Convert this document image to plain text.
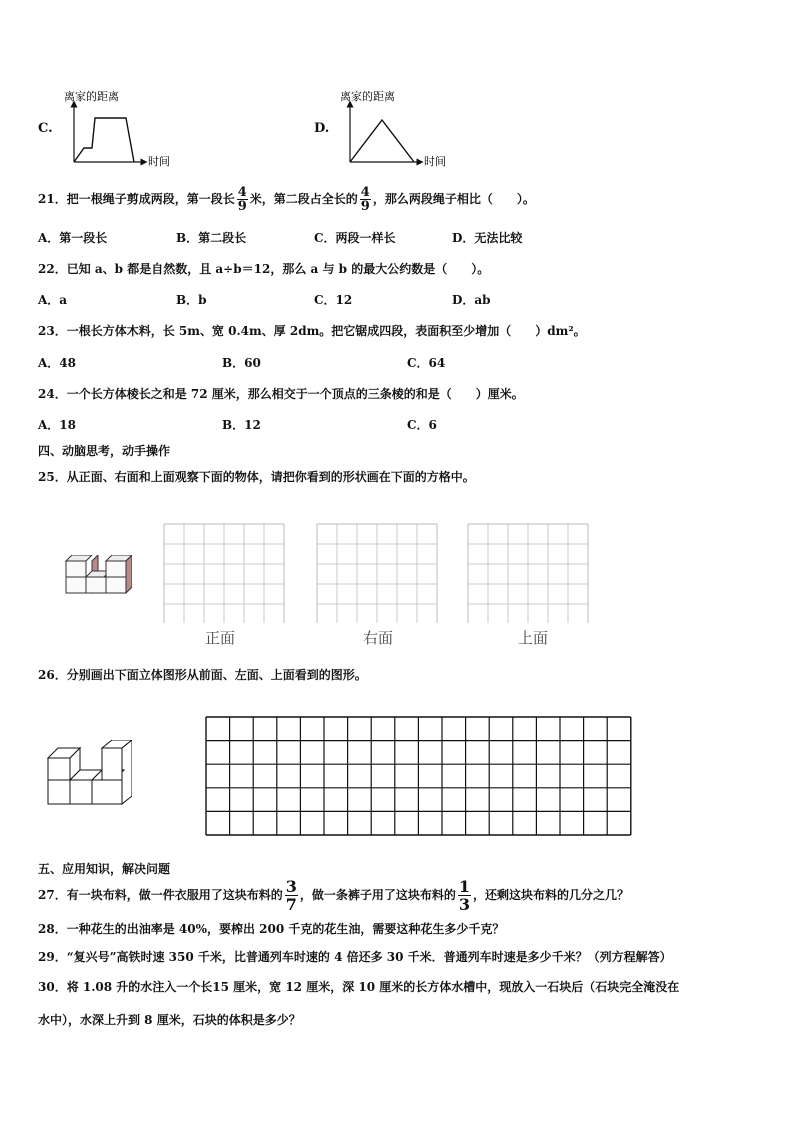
C.
离家的距离
时间
D.
离家的距离
时间
21．把一根绳子剪成两段，第一段长 $\frac{4}{9}$ 米，第二段占全长的 $\frac{4}{9}$ ，那么两段绳子相比（　　）。
A．第一段长	B．第二段长	C．两段一样长	D．无法比较
22．已知 a、b 都是自然数，且 a÷b＝12，那么 a 与 b 的最大公约数是（　　）。
A．a	B．b	C．12	D．ab
23．一根长方体木料，长 5m、宽 0.4m、厚 2dm。把它锯成四段，表面积至少增加（　　）dm²。
A．48	B．60	C．64
24．一个长方体棱长之和是 72 厘米，那么相交于一个顶点的三条棱的和是（　　）厘米。
A．18	B．12	C．6
四、动脑思考，动手操作
25．从正面、右面和上面观察下面的物体，请把你看到的形状画在下面的方格中。
正面	右面	上面
26．分别画出下面立体图形从前面、左面、上面看到的图形。
五、应用知识，解决问题
27．有一块布料，做一件衣服用了这块布料的 $\frac{3}{7}$ ，做一条裤子用了这块布料的 $\frac{1}{3}$ ，还剩这块布料的几分之几？
28．一种花生的出油率是 40%，要榨出 200 千克的花生油，需要这种花生多少千克？
29．“复兴号”高铁时速 350 千米，比普通列车时速的 4 倍还多 30 千米．普通列车时速是多少千米？（列方程解答）
30．将 1.08 升的水注入一个长15 厘米，宽 12 厘米，深 10 厘米的长方体水槽中，现放入一石块后（石块完全淹没在
水中），水深上升到 8 厘米，石块的体积是多少？
